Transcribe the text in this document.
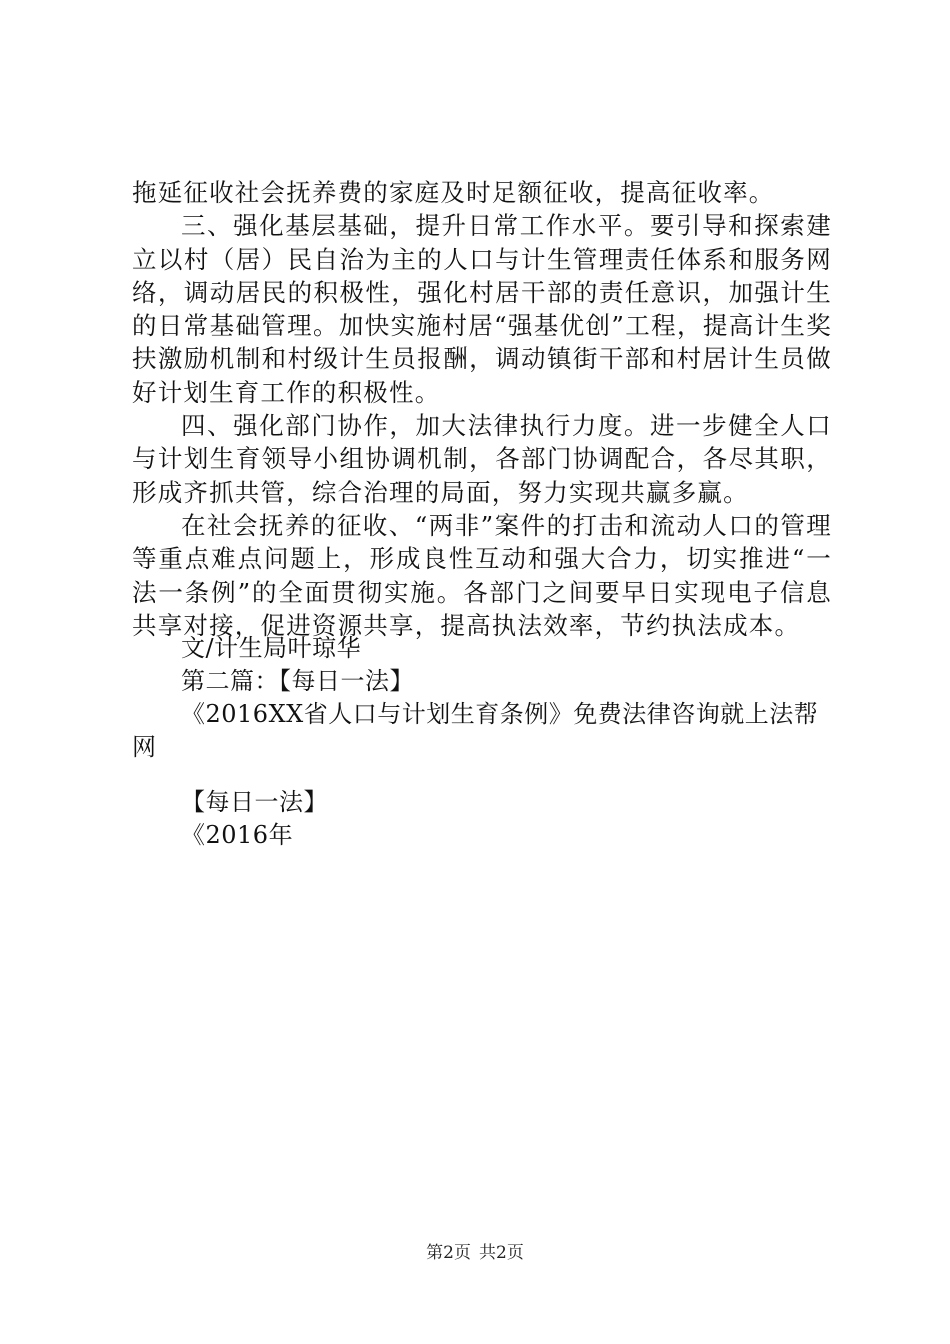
拖延征收社会抚养费的家庭及时足额征收，提高征收率。

三、强化基层基础，提升日常工作水平。要引导和探索建立以村（居）民自治为主的人口与计生管理责任体系和服务网络，调动居民的积极性，强化村居干部的责任意识，加强计生的日常基础管理。加快实施村居“强基优创”工程，提高计生奖扶激励机制和村级计生员报酬，调动镇街干部和村居计生员做好计划生育工作的积极性。

四、强化部门协作，加大法律执行力度。进一步健全人口与计划生育领导小组协调机制，各部门协调配合，各尽其职，形成齐抓共管，综合治理的局面，努力实现共赢多赢。

在社会抚养的征收、“两非”案件的打击和流动人口的管理等重点难点问题上，形成良性互动和强大合力，切实推进“一法一条例”的全面贯彻实施。各部门之间要早日实现电子信息共享对接，促进资源共享，提高执法效率，节约执法成本。

文/计生局叶琼华

第二篇：【每日一法】

《2016XX省人口与计划生育条例》免费法律咨询就上法帮网

【每日一法】

《2016年

第2页 共2页
